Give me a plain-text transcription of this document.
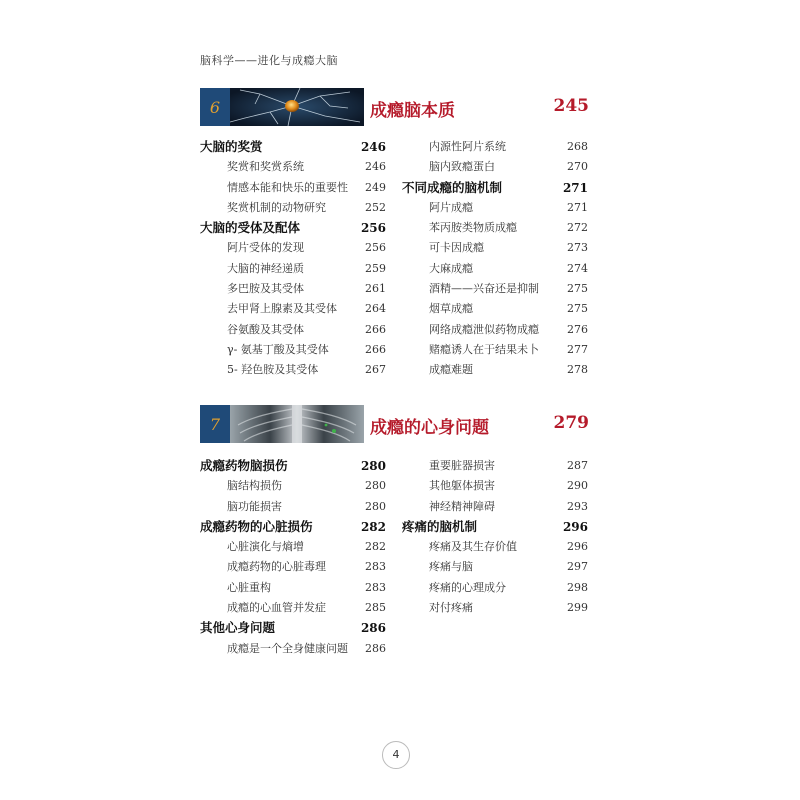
脑科学——进化与成瘾大脑
6	成瘾脑本质	245
大脑的奖赏	246
奖赏和奖赏系统	246
情感本能和快乐的重要性 249
奖赏机制的动物研究	252
大脑的受体及配体	256
阿片受体的发现	256
大脑的神经递质	259
多巴胺及其受体	261
去甲肾上腺素及其受体	264
谷氨酸及其受体	266
γ- 氨基丁酸及其受体	266
5- 羟色胺及其受体	267
内源性阿片系统	268
脑内致瘾蛋白	270
不同成瘾的脑机制	271
阿片成瘾	271
苯丙胺类物质成瘾	272
可卡因成瘾	273
大麻成瘾	274
酒精——兴奋还是抑制	275
烟草成瘾	275
网络成瘾泄似药物成瘾	276
赌瘾诱人在于结果未卜	277
成瘾难题	278
7	成瘾的心身问题	279
成瘾药物脑损伤	280
脑结构损伤	280
脑功能损害	280
成瘾药物的心脏损伤	282
心脏演化与熵增	282
成瘾药物的心脏毒理	283
心脏重构	283
成瘾的心血管并发症	285
其他心身问题	286
成瘾是一个全身健康问题 286
重要脏器损害	287
其他躯体损害	290
神经精神障碍	293
疼痛的脑机制	296
疼痛及其生存价值	296
疼痛与脑	297
疼痛的心理成分	298
对付疼痛	299
4
